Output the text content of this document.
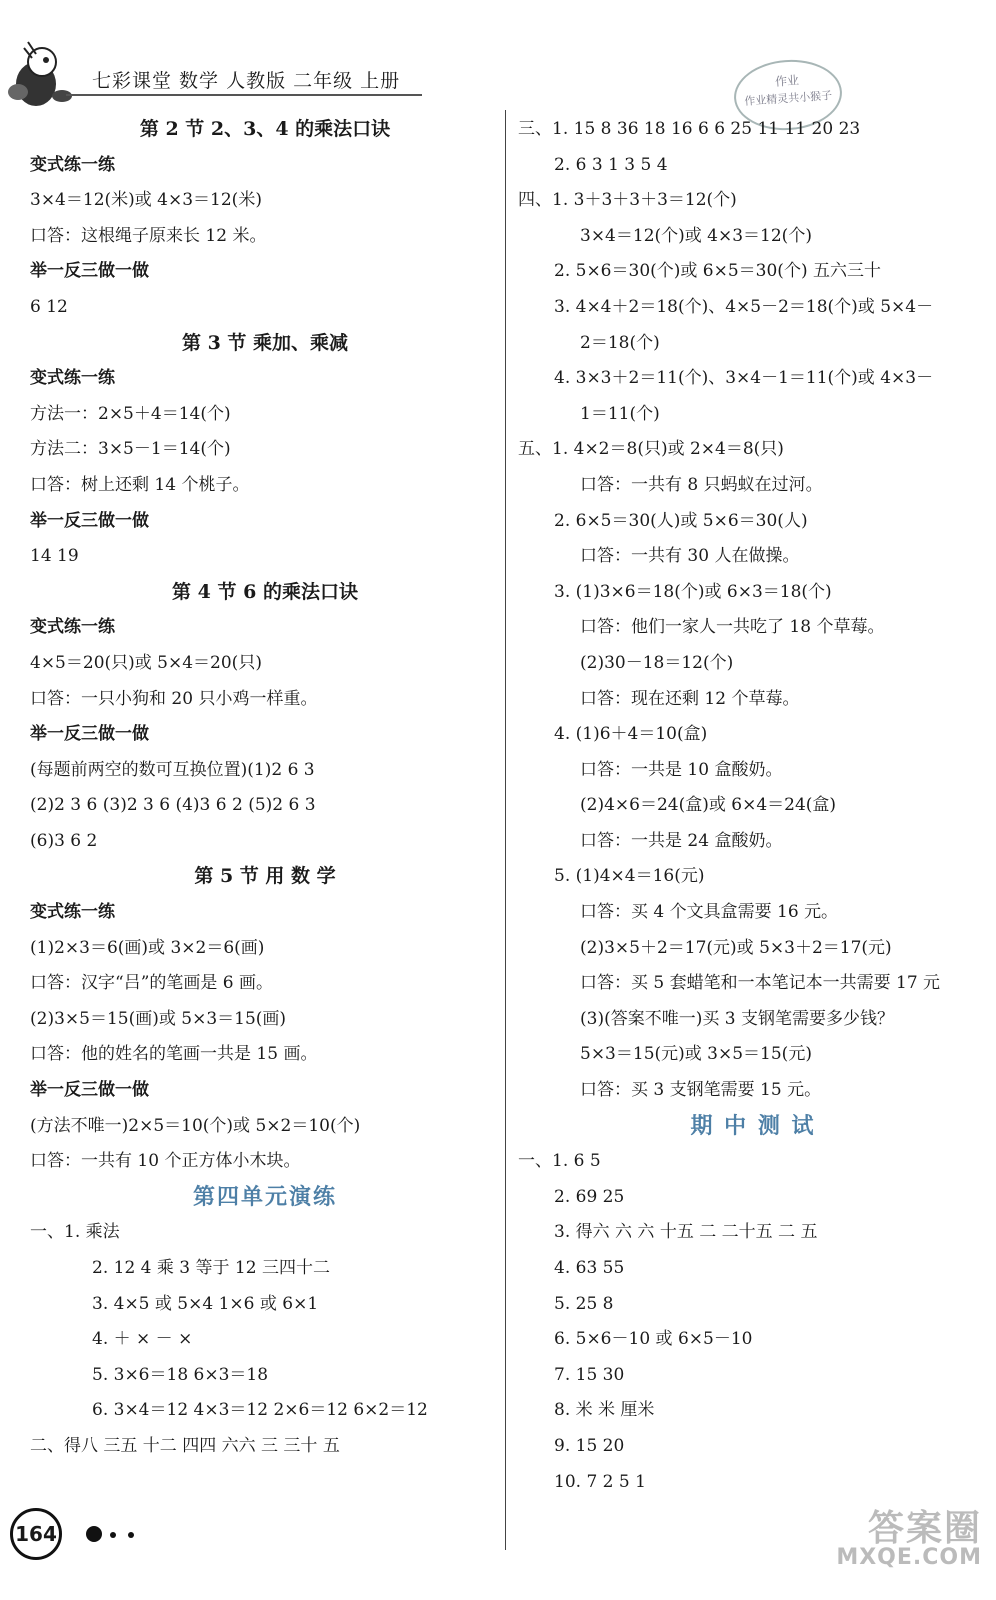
七彩课堂 数学 人教版 二年级 上册	作业
作业精灵共小猴子
第 2 节 2、3、4 的乘法口诀
变式练一练
3×4＝12(米)或 4×3＝12(米)
口答：这根绳子原来长 12 米。
举一反三做一做
6 12
第 3 节 乘加、乘减
变式练一练
方法一：2×5＋4＝14(个)
方法二：3×5－1＝14(个)
口答：树上还剩 14 个桃子。
举一反三做一做
14 19
第 4 节 6 的乘法口诀
变式练一练
4×5＝20(只)或 5×4＝20(只)
口答：一只小狗和 20 只小鸡一样重。
举一反三做一做
(每题前两空的数可互换位置)(1)2 6 3
(2)2 3 6 (3)2 3 6 (4)3 6 2 (5)2 6 3
(6)3 6 2
第 5 节 用 数 学
变式练一练
(1)2×3＝6(画)或 3×2＝6(画)
口答：汉字“吕”的笔画是 6 画。
(2)3×5＝15(画)或 5×3＝15(画)
口答：他的姓名的笔画一共是 15 画。
举一反三做一做
(方法不唯一)2×5＝10(个)或 5×2＝10(个)
口答：一共有 10 个正方体小木块。
第四单元演练
一、1. 乘法
2. 12 4 乘 3 等于 12 三四十二
3. 4×5 或 5×4 1×6 或 6×1
4. ＋ × － ×
5. 3×6＝18 6×3＝18
6. 3×4＝12 4×3＝12 2×6＝12 6×2＝12
二、得八 三五 十二 四四 六六 三 三十 五
三、1. 15 8 36 18 16 6 6 25 11 11 20 23
2. 6 3 1 3 5 4
四、1. 3＋3＋3＋3＝12(个)
3×4＝12(个)或 4×3＝12(个)
2. 5×6＝30(个)或 6×5＝30(个) 五六三十
3. 4×4＋2＝18(个)、4×5－2＝18(个)或 5×4－
2＝18(个)
4. 3×3＋2＝11(个)、3×4－1＝11(个)或 4×3－
1＝11(个)
五、1. 4×2＝8(只)或 2×4＝8(只)
口答：一共有 8 只蚂蚁在过河。
2. 6×5＝30(人)或 5×6＝30(人)
口答：一共有 30 人在做操。
3. (1)3×6＝18(个)或 6×3＝18(个)
口答：他们一家人一共吃了 18 个草莓。
(2)30－18＝12(个)
口答：现在还剩 12 个草莓。
4. (1)6＋4＝10(盒)
口答：一共是 10 盒酸奶。
(2)4×6＝24(盒)或 6×4＝24(盒)
口答：一共是 24 盒酸奶。
5. (1)4×4＝16(元)
口答：买 4 个文具盒需要 16 元。
(2)3×5＋2＝17(元)或 5×3＋2＝17(元)
口答：买 5 套蜡笔和一本笔记本一共需要 17 元
(3)(答案不唯一)买 3 支钢笔需要多少钱？
5×3＝15(元)或 3×5＝15(元)
口答：买 3 支钢笔需要 15 元。
期 中 测 试
一、1. 6 5
2. 69 25
3. 得六 六 六 十五 二 二十五 二 五
4. 63 55
5. 25 8
6. 5×6－10 或 6×5－10
7. 15 30
8. 米 米 厘米
9. 15 20
10. 7 2 5 1
164	答案圈
MXQE.COM
